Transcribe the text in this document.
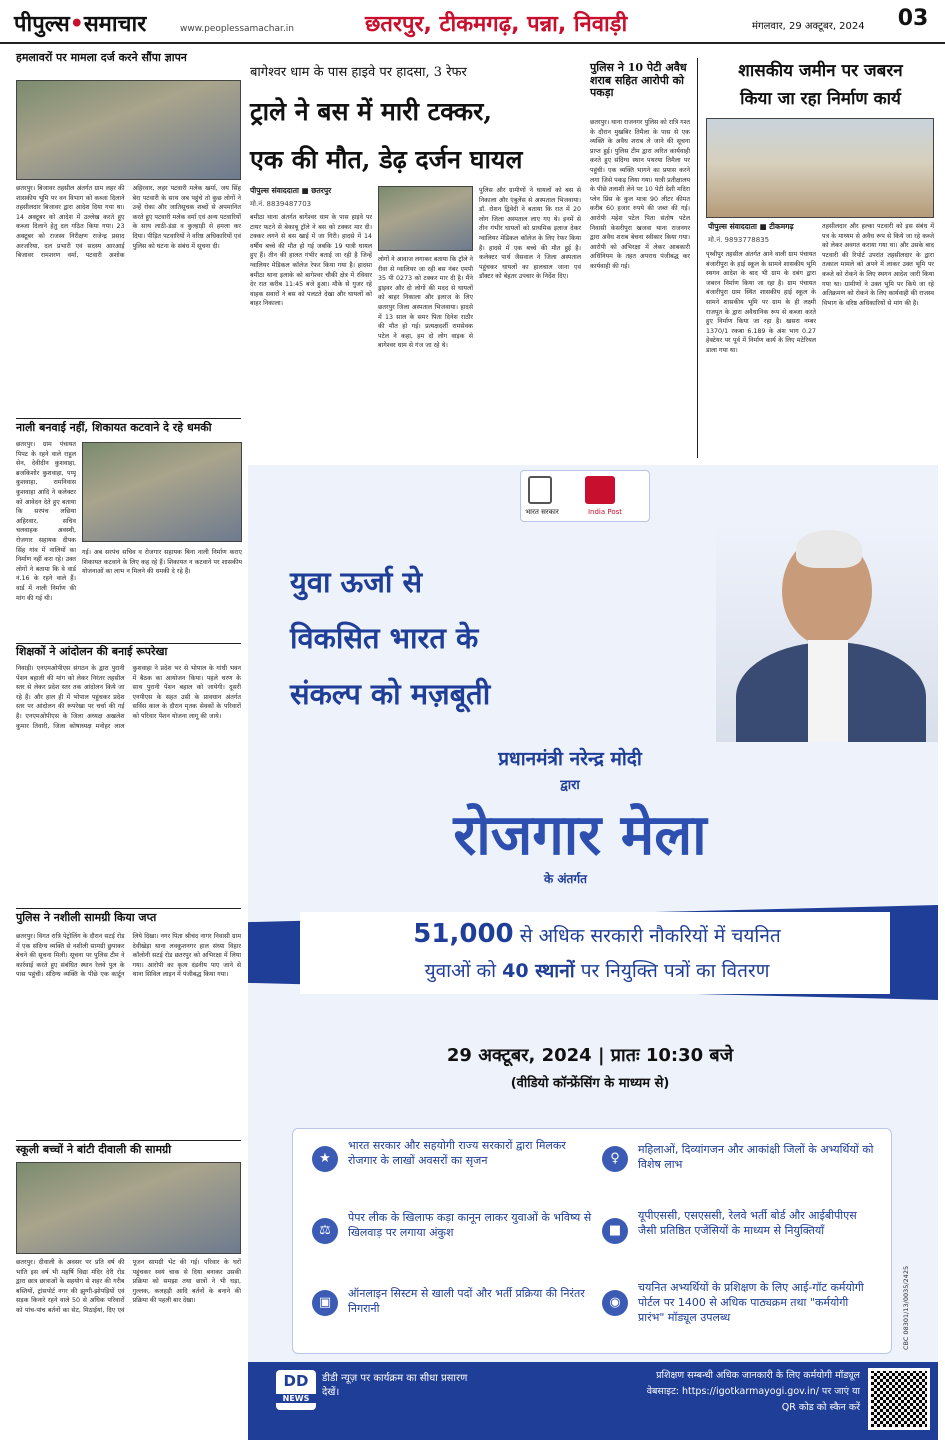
पीपुल्स•समाचार	www.peoplessamachar.in	छतरपुर, टीकमगढ़, पन्ना, निवाड़ी	मंगलवार, 29 अक्टूबर, 2024 03
हमलावरों पर मामला दर्ज करने सौंपा ज्ञापन
छतरपुर। बिजावर तहसील अंतर्गत ग्राम लहर की शासकीय भूमि पर वन विभाग को कब्जा दिलाने तहसीलदार बिजावर द्वारा आदेश दिया गया था। 14 अक्टूबर को आदेश में उल्लेख करते हुए कब्जा दिलाने हेतु दल गठित किया गया। 23 अक्टूबर को राजस्व निरीक्षण राजेन्द्र प्रसाद अरजरिया, दल प्रभारी एवं सदस्य आरआई बिजावर रामशरण वर्मा, पटवारी अशोक अहिरवार, लहर पटवारी मलेक खर्मा, जय सिंह बेरा पटवारी के साथ जब पहुंचे तो कुछ लोगों ने उन्हें रोका और जातिसूचक शब्दों से अपमानित करते हुए पटवारी मलेक वर्मा एवं अन्य पटवारियों के साथ लाठी-डंडा व कुल्हाड़ी से हमला कर दिया। पीड़ित पटवारियों ने वरिष्ठ अधिकारियों एवं पुलिस को घटना के संबंध में सूचना दी।
नाली बनवाई नहीं, शिकायत कटवाने दे रहे धमकी
छतरपुर। ग्राम पंचायत पिपट के रहने वाले राहुल सेन, देवीदीन कुशवाहा, ब्रजकिशोर कुशवाहा, पप्पू कुशवाहा, रामनिवास कुशवाहा आदि ने कलेक्टर को आवेदन देते हुए बताया कि सरपंच लछिया अहिरवार, सचिव चलवाहक अवस्थी, रोजगार सहायक दीपक सिंह गांव में नालियों का निर्माण नहीं करा रहे। उक्त लोगों ने बताया कि वे वार्ड नं.16 के रहने वाले हैं। वार्ड में नाली निर्माण की मांग की गई थी।
गई। अब सरपंच सचिव व रोजगार सहायक बिना नाली निर्माण कराए शिकायत कटवाने के लिए कह रहे हैं। शिकायत न कटवाने पर शासकीय योजनाओं का लाभ न मिलने की धमकी दे रहे हैं।
शिक्षकों ने आंदोलन की बनाई रूपरेखा
निवाड़ी। एनएमओपीएस संगठन के द्वारा पुरानी पेंशन बहाली की मांग को लेकर निरंतर तहसील स्तर से लेकर प्रदेश स्तर तक आंदोलन किये जा रहे हैं। और हाल ही में भोपाल पहुंचकर प्रदेश स्तर पर आंदोलन की रूपरेखा पर चर्चा की गई है। एनएमओपीएस के जिला अध्यक्ष अखलेश कुमार तिवारी, जिला कोषाध्यक्ष मनोहर लाल कुशवाहा ने प्रदेश भर से भोपाल के गांधी भवन में बैठक का आयोजन किया। पहले चरण के साथ पुरानी पेंशन बहाल को जायेगी। दूसरी एनपीएस के सहत उसी के प्रावधान अंतर्गत सर्विस काल के दौरान मृतक सेवकों के परिवारों को परिवार पेंशन योजना लागू की जाये।
पुलिस ने नशीली सामग्री किया जप्त
छतरपुर। विगत रात्रि पेट्रोलिंग के दौरान सटई रोड में एक संदिग्ध व्यक्ति से नशीली सामग्री छुपाकर बेचने की सूचना मिली। सूचना पर पुलिस टीम ने कार्रवाई करते हुए संबंधित स्थान रेलवे पुल के पास पहुंची। संदिग्ध व्यक्ति के पीछे एक कार्टून लिये दिखा। नगर पिता श्रीचंद नागर निवासी ग्राम देवीखेड़ा थाना लवकुशनगर हाल संध्या विहार कॉलोनी सटई रोड छतरपुर को अभिरक्षा में लिया गया। आरोपी का कृत्य दंडनीय पाए जाने से थाना सिविल लाइन में पंजीबद्ध किया गया।
स्कूली बच्चों ने बांटी दीवाली की सामग्री
छतरपुर। दीवाली के अवसर पर प्रति वर्ष की भांति इस वर्ष भी महर्षि विद्या मंदिर देरी रोड द्वारा छात्र छात्राओं के सहयोग से शहर की गरीब बस्तियों, ट्रांसपोर्ट नगर की झुग्गी-झोपड़ियों एवं सड़क किनारे रहने वाले 50 से अधिक परिवारों को पांच-पांच बर्तनों का सेट, मिठाईयां, दिए एवं पूजन सामग्री भेंट की गई। परिवार के घरों पहुंचकर स्वयं चाक से दिया बनाकर उसकी प्रक्रिया को समझा तथा छात्रों ने भी घड़ा, गुल्लक, कलहड़ी आदि बर्तनों के बनाने की प्रक्रिया की पहली बार देखा।
बागेश्वर धाम के पास हाइवे पर हादसा, 3 रेफर
ट्राले ने बस में मारी टक्कर,
एक की मौत, डेढ़ दर्जन घायल
पीपुल्स संवाददाता ■ छतरपुर
मो.नं. 8839487703
बमीठा थाना अंतर्गत बागेश्वर धाम के पास हाइवे पर टायर फटने से बेकाबू ट्रॉले ने बस को टक्कर मार दी। टक्कर लगने से बस खाई में जा गिरी। हादसे में 14 वर्षीय बच्चे की मौत हो गई जबकि 19 यात्री घायल हुए हैं। तीन की हालत गंभीर बताई जा रही है जिन्हें ग्वालियर मेडिकल कॉलेज रेफर किया गया है। हादसा बमीठा थाना इलाके को बागेश्वर चौकी क्षेत्र में रविवार देर रात करीब 11:45 बजे हुआ। मौके से गुजर रहे वाहक सवारों ने बस को पलटते देखा और घायलों को बाहर निकाला।
लोगों ने आवाज लगाकर बताया कि ट्रॉले ने रीवा से ग्वालियर जा रही बस नंबर एमपी 35 पी 0273 को टक्कर मार दी है। मैंने ड्राइवर और दो लोगों की मदद से घायलों को बाहर निकाला और इलाज के लिए छतरपुर जिला अस्पताल भिजवाया। हादसे में 13 साल के समर पिता दिनेश राठौर की मौत हो गई। प्रत्यक्षदर्शी रामसेवक पटेल ने कहा, हम दो लोग वाइक से बागेश्वर धाम से गंज जा रहे थे।
पुलिस और ग्रामीणों ने घायलों को बस से निकाला और एंबुलेंस से अस्पताल भिजवाया। डॉ. रोशन द्विवेदी ने बताया कि रात में 20 लोग जिला अस्पताल लाए गए थे। इनमें से तीन गंभीर घायलों को प्राथमिक इलाज देकर ग्वालियर मेडिकल कॉलेज के लिए रेफर किया है। हादसे में एक बच्चे की मौत हुई है। कलेक्टर पार्थ जैसवाल ने जिला अस्पताल पहुंचकर घायलों का हालचाल जाना एवं डॉक्टर को बेहतर उपचार के निर्देश दिए।
पुलिस ने 10 पेटी अवैध शराब सहित आरोपी को पकड़ा
छतरपुर। थाना राजनगर पुलिस को रात्रि गश्त के दौरान मुखबिर तिमैला के पास से एक व्यक्ति के अवैध शराब ले जाने की सूचना प्राप्त हुई। पुलिस टीम द्वारा त्वरित कार्यवाही करते हुए संदिग्ध स्थान पथरया तिमैला पर पहुंची। एक व्यक्ति भागने का प्रयास करने लगा जिसे पकड़ लिया गया। यात्री प्रतीक्षालय के पीछे तलाशी लेने पर 10 पेटी देशी मदिरा प्लेन प्रिंस के कुल मात्रा 90 लीटर कीमत करीब 60 हजार रुपये की जब्त की गई। आरोपी महेश पटेल पिता संतोष पटेल निवासी केसरीपुरा खजवा थाना राजनगर द्वारा अवैध शराब बेचना स्वीकार किया गया। आरोपी को अभिरक्षा में लेकर आबकारी अधिनियम के तहत अपराध पंजीबद्ध कर कार्यवाही की गई।
शासकीय जमीन पर जबरन
किया जा रहा निर्माण कार्य
पीपुल्स संवाददाता ■ टीकमगढ़
मो.नं. 9893778835
पृथ्वीपुर तहसील अंतर्गत आने वाली ग्राम पंचायत बंजारीपुरा के हाई स्कूल के सामने शासकीय भूमि स्थगन आदेश के बाद भी ग्राम के दबंग द्वारा जबरन निर्माण किया जा रहा है। ग्राम पंचायत बंजारीपुरा ग्राम स्थित शासकीय हाई स्कूल के सामने शासकीय भूमि पर ग्राम के ही लक्ष्मी राजपूत के द्वारा अवैधानिक रूप से कब्जा करते हुए निर्माण किया जा रहा है। खसरा नम्बर 1370/1 रकबा 6.189 के अंश भाग 0.27 हेक्टेयर पर पूर्व में निर्माण कार्य के लिए मटेरियल डाला गया था।
तहसीलदार और हल्का पटवारी को इस संबंध में पत्र के माध्यम से अवैध रूप से किये जा रहे कब्जे को लेकर अवगत कराया गया था। और उसके बाद पटवारी की रिपोर्ट उपरांत तहसीलदार के द्वारा तत्काल मामले को अपने में लाकर उक्त भूमि पर कब्जे को रोकने के लिए स्थगन आदेश जारी किया गया था। ग्रामीणों ने उक्त भूमि पर किये जा रहे अतिक्रमण को रोकने के लिए कार्यवाही की राजस्व विभाग के वरिष्ठ अधिकारियों से मांग की है।
भारत सरकार	India Post
युवा ऊर्जा से
विकसित भारत के
संकल्प को मज़बूती
प्रधानमंत्री नरेन्द्र मोदी
द्वारा
रोजगार मेला
के अंतर्गत
51,000 से अधिक सरकारी नौकरियों में चयनित
युवाओं को 40 स्थानों पर नियुक्ति पत्रों का वितरण
29 अक्टूबर, 2024 | प्रातः 10:30 बजे
(वीडियो कॉन्फ्रेंसिंग के माध्यम से)
★
भारत सरकार और सहयोगी राज्य सरकारों द्वारा मिलकर रोजगार के लाखों अवसरों का सृजन	♀
महिलाओं, दिव्यांगजन और आकांक्षी जिलों के अभ्यर्थियों को विशेष लाभ
⚖
पेपर लीक के खिलाफ कड़ा कानून लाकर युवाओं के भविष्य से खिलवाड़ पर लगाया अंकुश	■
यूपीएससी, एसएससी, रेलवे भर्ती बोर्ड और आईबीपीएस जैसी प्रतिष्ठित एजेंसियों के माध्यम से नियुक्तियाँ
▣
ऑनलाइन सिस्टम से खाली पदों और भर्ती प्रक्रिया की निरंतर निगरानी	◉
चयनित अभ्यर्थियों के प्रशिक्षण के लिए आई-गॉट कर्मयोगी पोर्टल पर 1400 से अधिक पाठ्यक्रम तथा "कर्मयोगी प्रारंभ" मॉड्यूल उपलब्ध	CBC 08301/13/0035/2425
DD
NEWS
डीडी न्यूज़ पर कार्यक्रम का सीधा प्रसारण देखें।
प्रशिक्षण सम्बन्धी अधिक जानकारी के लिए कर्मयोगी मॉड्यूल
वेबसाइट: https://igotkarmayogi.gov.in/ पर जाएं या
QR कोड को स्कैन करें
